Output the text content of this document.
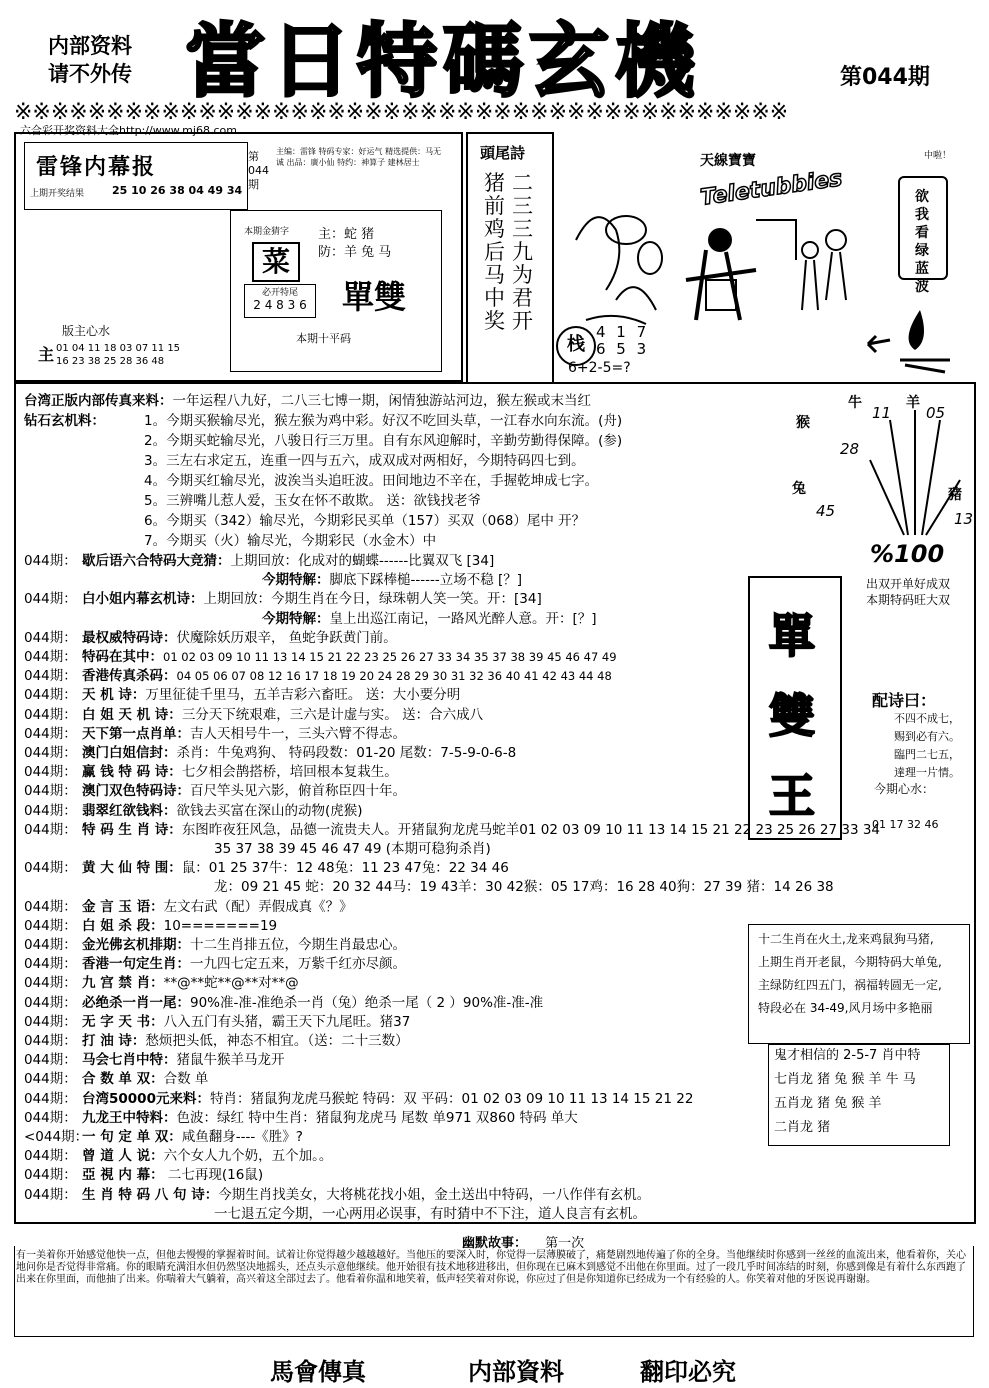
内部资料
请不外传 當日特碼玄機	第044期
※※※※※※※※※※※※※※※※※※※※※※※※※※※※※※※※※※※※※※※※※※
六合彩开奖资料大全http://www.mj68.com
雷锋内幕报
上期开奖结果	25 10 26 38 04 49 34
第044期
主编：雷锋 特码专家：好运气 精选提供：马无诚 出品：廣小仙 特约：神算子 建林居士
本期金猜字
菜
主：蛇 猪
防：羊 兔 马
必开特尾
2 4 8 3 6 單雙
本期十平码
版主心水
主 01 04 11 18 03 07 11 15
16 23 38 25 28 36 48
頭尾詩
二三三九为君开
猪前鸡后马中奖
天線寶寶
Teletubbies
栈
4 1 7
6 5 3
6+2-5=?
中啦！
欲我看绿蓝波
台湾正版内部传真来料：一年运程八九好，二八三七博一期，闲情独游站河边，猴左猴或末当红
钻石玄机料：	1。今期买猴输尽光，猴左猴为鸡中彩。好汉不吃回头草，一江春水向东流。(舟)
2。今期买蛇输尽光，八骏日行三万里。自有东风迎解时，辛勤劳勤得保障。(参)
3。三左右求定五，连重一四与五六，成双成对两相好，今期特码四七到。
4。今期买红输尽光，波涘当头追旺波。田间地边不辛在，手握乾坤成七字。
5。三辨嘴儿惹人爱，玉女在怀不敢欺。 送：欲钱找老爷
6。今期买（342）输尽光，今期彩民买单（157）买双（068）尾中 开？
7。今期买（火）输尽光，今期彩民（水金木）中
044期： 歇后语六合特码大竞猜：上期回放：化成对的蝴蝶------比翼双飞 [34]
今期特解：脚底下踩棒槌------立场不稳 [？]
044期： 白小姐内幕玄机诗：上期回放：今期生肖在今日，绿珠朝人笑一笑。开：[34]
今期特解：皇上出巡江南记，一路风光醉人意。开：[？]
044期： 最权威特码诗：伏魔除妖历艰辛， 鱼蛇争跃黄门前。
044期： 特码在其中：01 02 03 09 10 11 13 14 15 21 22 23 25 26 27 33 34 35 37 38 39 45 46 47 49
044期： 香港传真杀码：04 05 06 07 08 12 16 17 18 19 20 24 28 29 30 31 32 36 40 41 42 43 44 48
044期： 天 机 诗：万里征徒千里马，五羊吉彩六畜旺。 送：大小要分明
044期： 白 姐 天 机 诗：三分天下统艰难，三六是计虚与实。 送：合六成八
044期： 天下第一点肖单：吉人天相号牛一，三头六臂不得志。
044期： 澳门白姐信封：杀肖：牛兔鸡狗、 特码段数：01-20 尾数：7-5-9-0-6-8
044期： 赢 钱 特 码 诗：七夕相会鹊搭桥，培回根本复栽生。
044期： 澳门双色特码诗：百尺竿头见六影，俯首称臣四十年。
044期： 翡翠红欲钱料：欲钱去买富在深山的动物(虎猴)
044期： 特 码 生 肖 诗：东图昨夜狂风急，品德一流贵夫人。开猪鼠狗龙虎马蛇羊01 02 03 09 10 11 13 14 15 21 22 23 25 26 27 33 34
35 37 38 39 45 46 47 49 (本期可稳狗杀肖)
044期： 黄 大 仙 特 围：鼠：01 25 37牛：12 48兔：11 23 47兔：22 34 46
龙：09 21 45 蛇：20 32 44马：19 43羊：30 42猴：05 17鸡：16 28 40狗：27 39 猪：14 26 38
044期： 金 言 玉 语：左文右武（配）弄假成真《？》
044期： 白 姐 杀 段：10=======19
044期： 金光佛玄机排期：十二生肖排五位，今期生肖最忠心。
044期： 香港一句定生肖：一九四七定五来，万紫千红亦尽颜。
044期： 九 宫 禁 肖：**@**蛇**@**对**@
044期： 必绝杀一肖一尾：90%准-准-准绝杀一肖（兔）绝杀一尾（ 2 ）90%准-准-准
044期： 无 字 天 书：八入五门有头猪，霸王天下九尾旺。猪37
044期： 打 油 诗：愁烦把头低，神态不相宜。（送：二十三数）
044期： 马会七肖中特：猪鼠牛猴羊马龙开
044期： 合 数 单 双：合数 单
044期： 台湾50000元来料：特肖：猪鼠狗龙虎马猴蛇 特码：双 平码：01 02 03 09 10 11 13 14 15 21 22
044期： 九龙王中特料：色波：绿红 特中生肖：猪鼠狗龙虎马 尾数 单971 双860 特码 单大
<044期：一 句 定 单 双：咸鱼翻身----《胜》?
044期： 曾 道 人 说：六个女人九个奶，五个加。。
044期： 亞 視 内 幕： 二七再现(16鼠)
044期： 生 肖 特 码 八 句 诗：今期生肖找美女，大将桃花找小姐，金土送出中特码，一八作伴有玄机。
一七退五定今期，一心两用必误事，有时猜中不下注，道人良言有玄机。
牛	羊
猴
兔	豬
11 05
28
45	13
%100
出双开单好成双
本期特码旺大双
單雙王
配诗曰：
不四不成七，
赐到必有六。
臨門二七五，
達理一片情。
今期心水：
01 17 32 46
十二生肖在火土,龙来鸡鼠狗马猪,
上期生肖开老鼠，今期特码大单兔,
主绿防红四五门，祸福转圆无一定,
特段必在 34-49,风月场中多艳丽
鬼才相信的 2-5-7 肖中特
七肖龙 猪 兔 猴 羊 牛 马
五肖龙 猪 兔 猴 羊
二肖龙 猪
幽默故事： 第一次
有一美着你开始感觉他快一点，但他去慢慢的掌握着时间。试着让你觉得越少越越越好。当他压的要深入时，你觉得一层薄膜破了，痛楚剧烈地传遍了你的全身。当他继续时你感到一丝丝的血流出来，他看着你，关心地问你是否觉得非常痛。你的眼睛充满泪水但仍然坚决地摇头，还点头示意他继续。他开始很有技术地移进移出，但你现在已麻木到感觉不出他在你里面。过了一段几乎时间冻结的时刻，你感到像是有着什么东西跑了出来在你里面，而他抽了出来。你喘着大气躺着，高兴着这全部过去了。他看着你温和地笑着，低声轻笑着对你说，你应过了但是你知道你已经成为一个有经验的人。你笑着对他的牙医说再谢谢。
馬會傳真	内部資料	翻印必究
